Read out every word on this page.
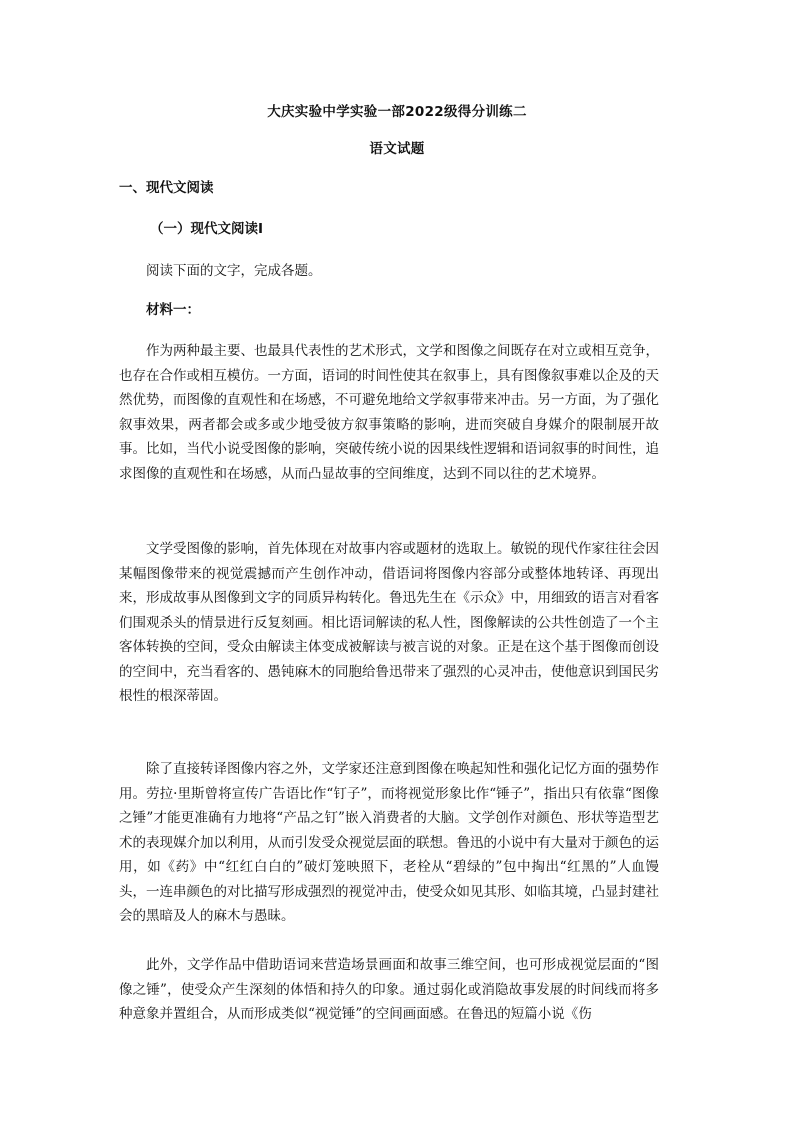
大庆实验中学实验一部2022级得分训练二
语文试题
一、现代文阅读
（一）现代文阅读Ⅰ
阅读下面的文字，完成各题。
材料一：

作为两种最主要、也最具代表性的艺术形式，文学和图像之间既存在对立或相互竞争，也存在合作或相互模仿。一方面，语词的时间性使其在叙事上，具有图像叙事难以企及的天然优势，而图像的直观性和在场感，不可避免地给文学叙事带来冲击。另一方面，为了强化叙事效果，两者都会或多或少地受彼方叙事策略的影响，进而突破自身媒介的限制展开故事。比如，当代小说受图像的影响，突破传统小说的因果线性逻辑和语词叙事的时间性，追求图像的直观性和在场感，从而凸显故事的空间维度，达到不同以往的艺术境界。

文学受图像的影响，首先体现在对故事内容或题材的选取上。敏锐的现代作家往往会因某幅图像带来的视觉震撼而产生创作冲动，借语词将图像内容部分或整体地转译、再现出来，形成故事从图像到文字的同质异构转化。鲁迅先生在《示众》中，用细致的语言对看客们围观杀头的情景进行反复刻画。相比语词解读的私人性，图像解读的公共性创造了一个主客体转换的空间，受众由解读主体变成被解读与被言说的对象。正是在这个基于图像而创设的空间中，充当看客的、愚钝麻木的同胞给鲁迅带来了强烈的心灵冲击，使他意识到国民劣根性的根深蒂固。

除了直接转译图像内容之外，文学家还注意到图像在唤起知性和强化记忆方面的强势作用。劳拉·里斯曾将宣传广告语比作“钉子”，而将视觉形象比作“锤子”，指出只有依靠“图像之锤”才能更准确有力地将“产品之钉”嵌入消费者的大脑。文学创作对颜色、形状等造型艺术的表现媒介加以利用，从而引发受众视觉层面的联想。鲁迅的小说中有大量对于颜色的运用，如《药》中“红红白白的”破灯笼映照下，老栓从“碧绿的”包中掏出“红黑的”人血馒头，一连串颜色的对比描写形成强烈的视觉冲击，使受众如见其形、如临其境，凸显封建社会的黑暗及人的麻木与愚昧。

此外，文学作品中借助语词来营造场景画面和故事三维空间，也可形成视觉层面的“图像之锤”，使受众产生深刻的体悟和持久的印象。通过弱化或消隐故事发展的时间线而将多种意象并置组合，从而形成类似“视觉锤”的空间画面感。在鲁迅的短篇小说《伤
